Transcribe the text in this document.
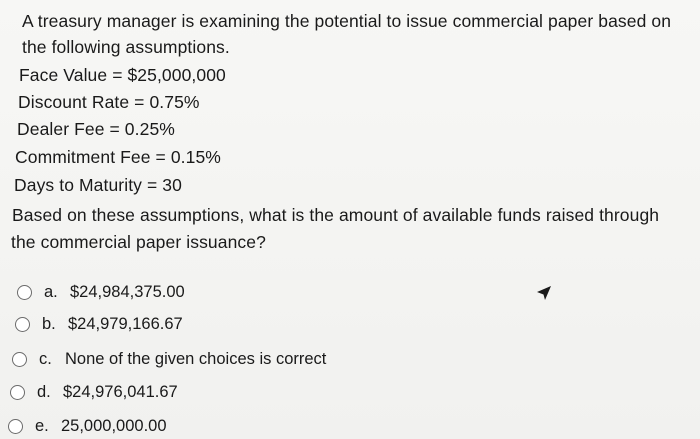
A treasury manager is examining the potential to issue commercial paper based on
the following assumptions.
Face Value = $25,000,000
Discount Rate = 0.75%
Dealer Fee = 0.25%
Commitment Fee = 0.15%
Days to Maturity = 30
Based on these assumptions, what is the amount of available funds raised through
the commercial paper issuance?
a. $24,984,375.00
b. $24,979,166.67
c. None of the given choices is correct
d. $24,976,041.67
e. 25,000,000.00
